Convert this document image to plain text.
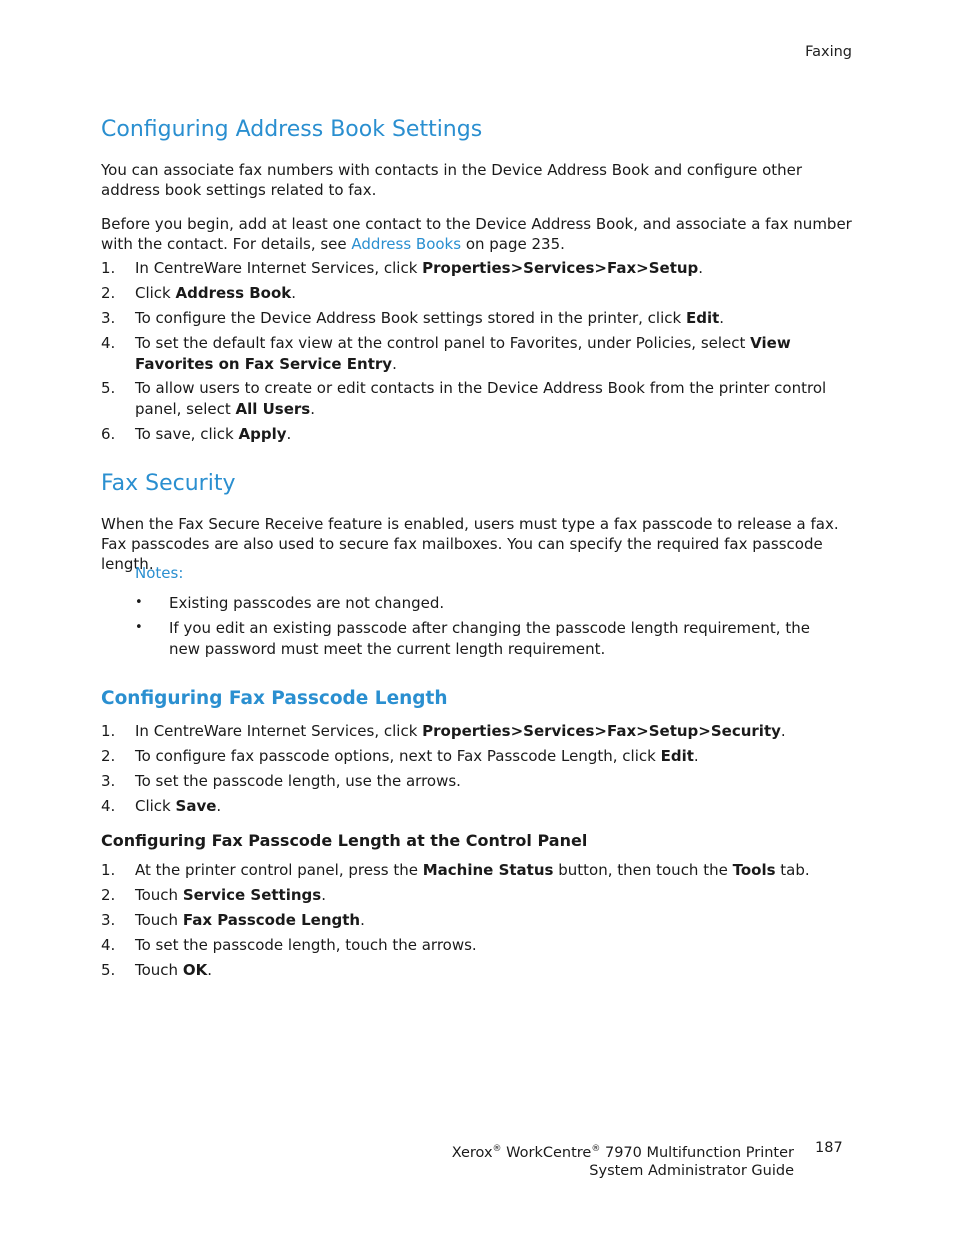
Faxing
Configuring Address Book Settings

You can associate fax numbers with contacts in the Device Address Book and configure other address book settings related to fax.

Before you begin, add at least one contact to the Device Address Book, and associate a fax number with the contact. For details, see Address Books on page 235.

1. In CentreWare Internet Services, click Properties>Services>Fax>Setup.
2. Click Address Book.
3. To configure the Device Address Book settings stored in the printer, click Edit.
4. To set the default fax view at the control panel to Favorites, under Policies, select View Favorites on Fax Service Entry.
5. To allow users to create or edit contacts in the Device Address Book from the printer control panel, select All Users.
6. To save, click Apply.
Fax Security

When the Fax Secure Receive feature is enabled, users must type a fax passcode to release a fax. Fax passcodes are also used to secure fax mailboxes. You can specify the required fax passcode length.

Notes:
• Existing passcodes are not changed.
• If you edit an existing passcode after changing the passcode length requirement, the new password must meet the current length requirement.
Configuring Fax Passcode Length
1. In CentreWare Internet Services, click Properties>Services>Fax>Setup>Security.
2. To configure fax passcode options, next to Fax Passcode Length, click Edit.
3. To set the passcode length, use the arrows.
4. Click Save.
Configuring Fax Passcode Length at the Control Panel
1. At the printer control panel, press the Machine Status button, then touch the Tools tab.
2. Touch Service Settings.
3. Touch Fax Passcode Length.
4. To set the passcode length, touch the arrows.
5. Touch OK.
Xerox® WorkCentre® 7970 Multifunction Printer
System Administrator Guide
187
